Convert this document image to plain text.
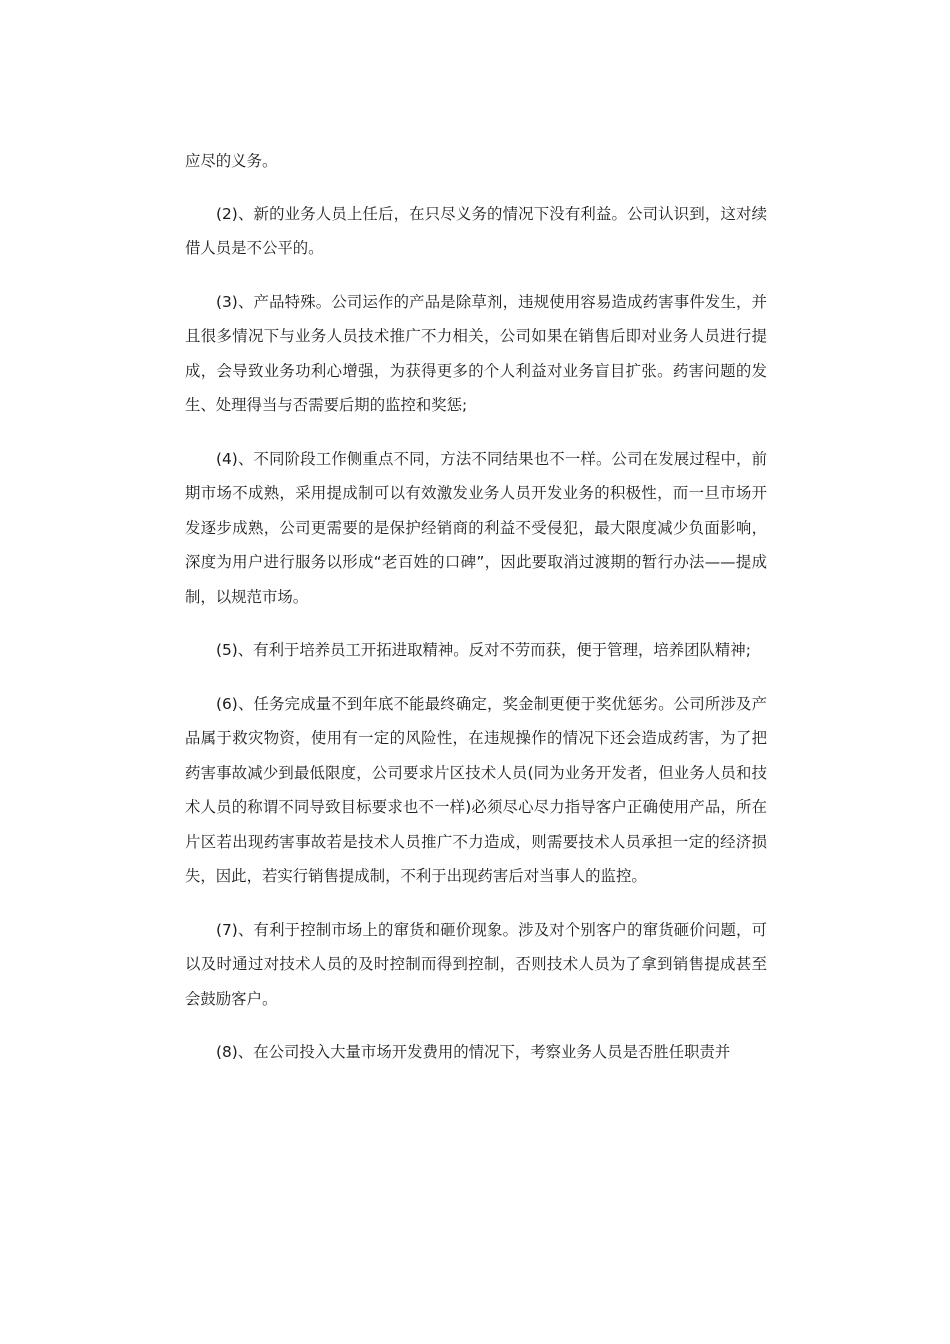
应尽的义务。

(2)、新的业务人员上任后，在只尽义务的情况下没有利益。公司认识到，这对续借人员是不公平的。

(3)、产品特殊。公司运作的产品是除草剂，违规使用容易造成药害事件发生，并且很多情况下与业务人员技术推广不力相关，公司如果在销售后即对业务人员进行提成，会导致业务功利心增强，为获得更多的个人利益对业务盲目扩张。药害问题的发生、处理得当与否需要后期的监控和奖惩;

(4)、不同阶段工作侧重点不同，方法不同结果也不一样。公司在发展过程中，前期市场不成熟，采用提成制可以有效激发业务人员开发业务的积极性，而一旦市场开发逐步成熟，公司更需要的是保护经销商的利益不受侵犯，最大限度减少负面影响，深度为用户进行服务以形成“老百姓的口碑”，因此要取消过渡期的暂行办法——提成制，以规范市场。

(5)、有利于培养员工开拓进取精神。反对不劳而获，便于管理，培养团队精神;

(6)、任务完成量不到年底不能最终确定，奖金制更便于奖优惩劣。公司所涉及产品属于救灾物资，使用有一定的风险性，在违规操作的情况下还会造成药害，为了把药害事故减少到最低限度，公司要求片区技术人员(同为业务开发者，但业务人员和技术人员的称谓不同导致目标要求也不一样)必须尽心尽力指导客户正确使用产品，所在片区若出现药害事故若是技术人员推广不力造成，则需要技术人员承担一定的经济损失，因此，若实行销售提成制，不利于出现药害后对当事人的监控。

(7)、有利于控制市场上的窜货和砸价现象。涉及对个别客户的窜货砸价问题，可以及时通过对技术人员的及时控制而得到控制，否则技术人员为了拿到销售提成甚至会鼓励客户。

(8)、在公司投入大量市场开发费用的情况下，考察业务人员是否胜任职责并
